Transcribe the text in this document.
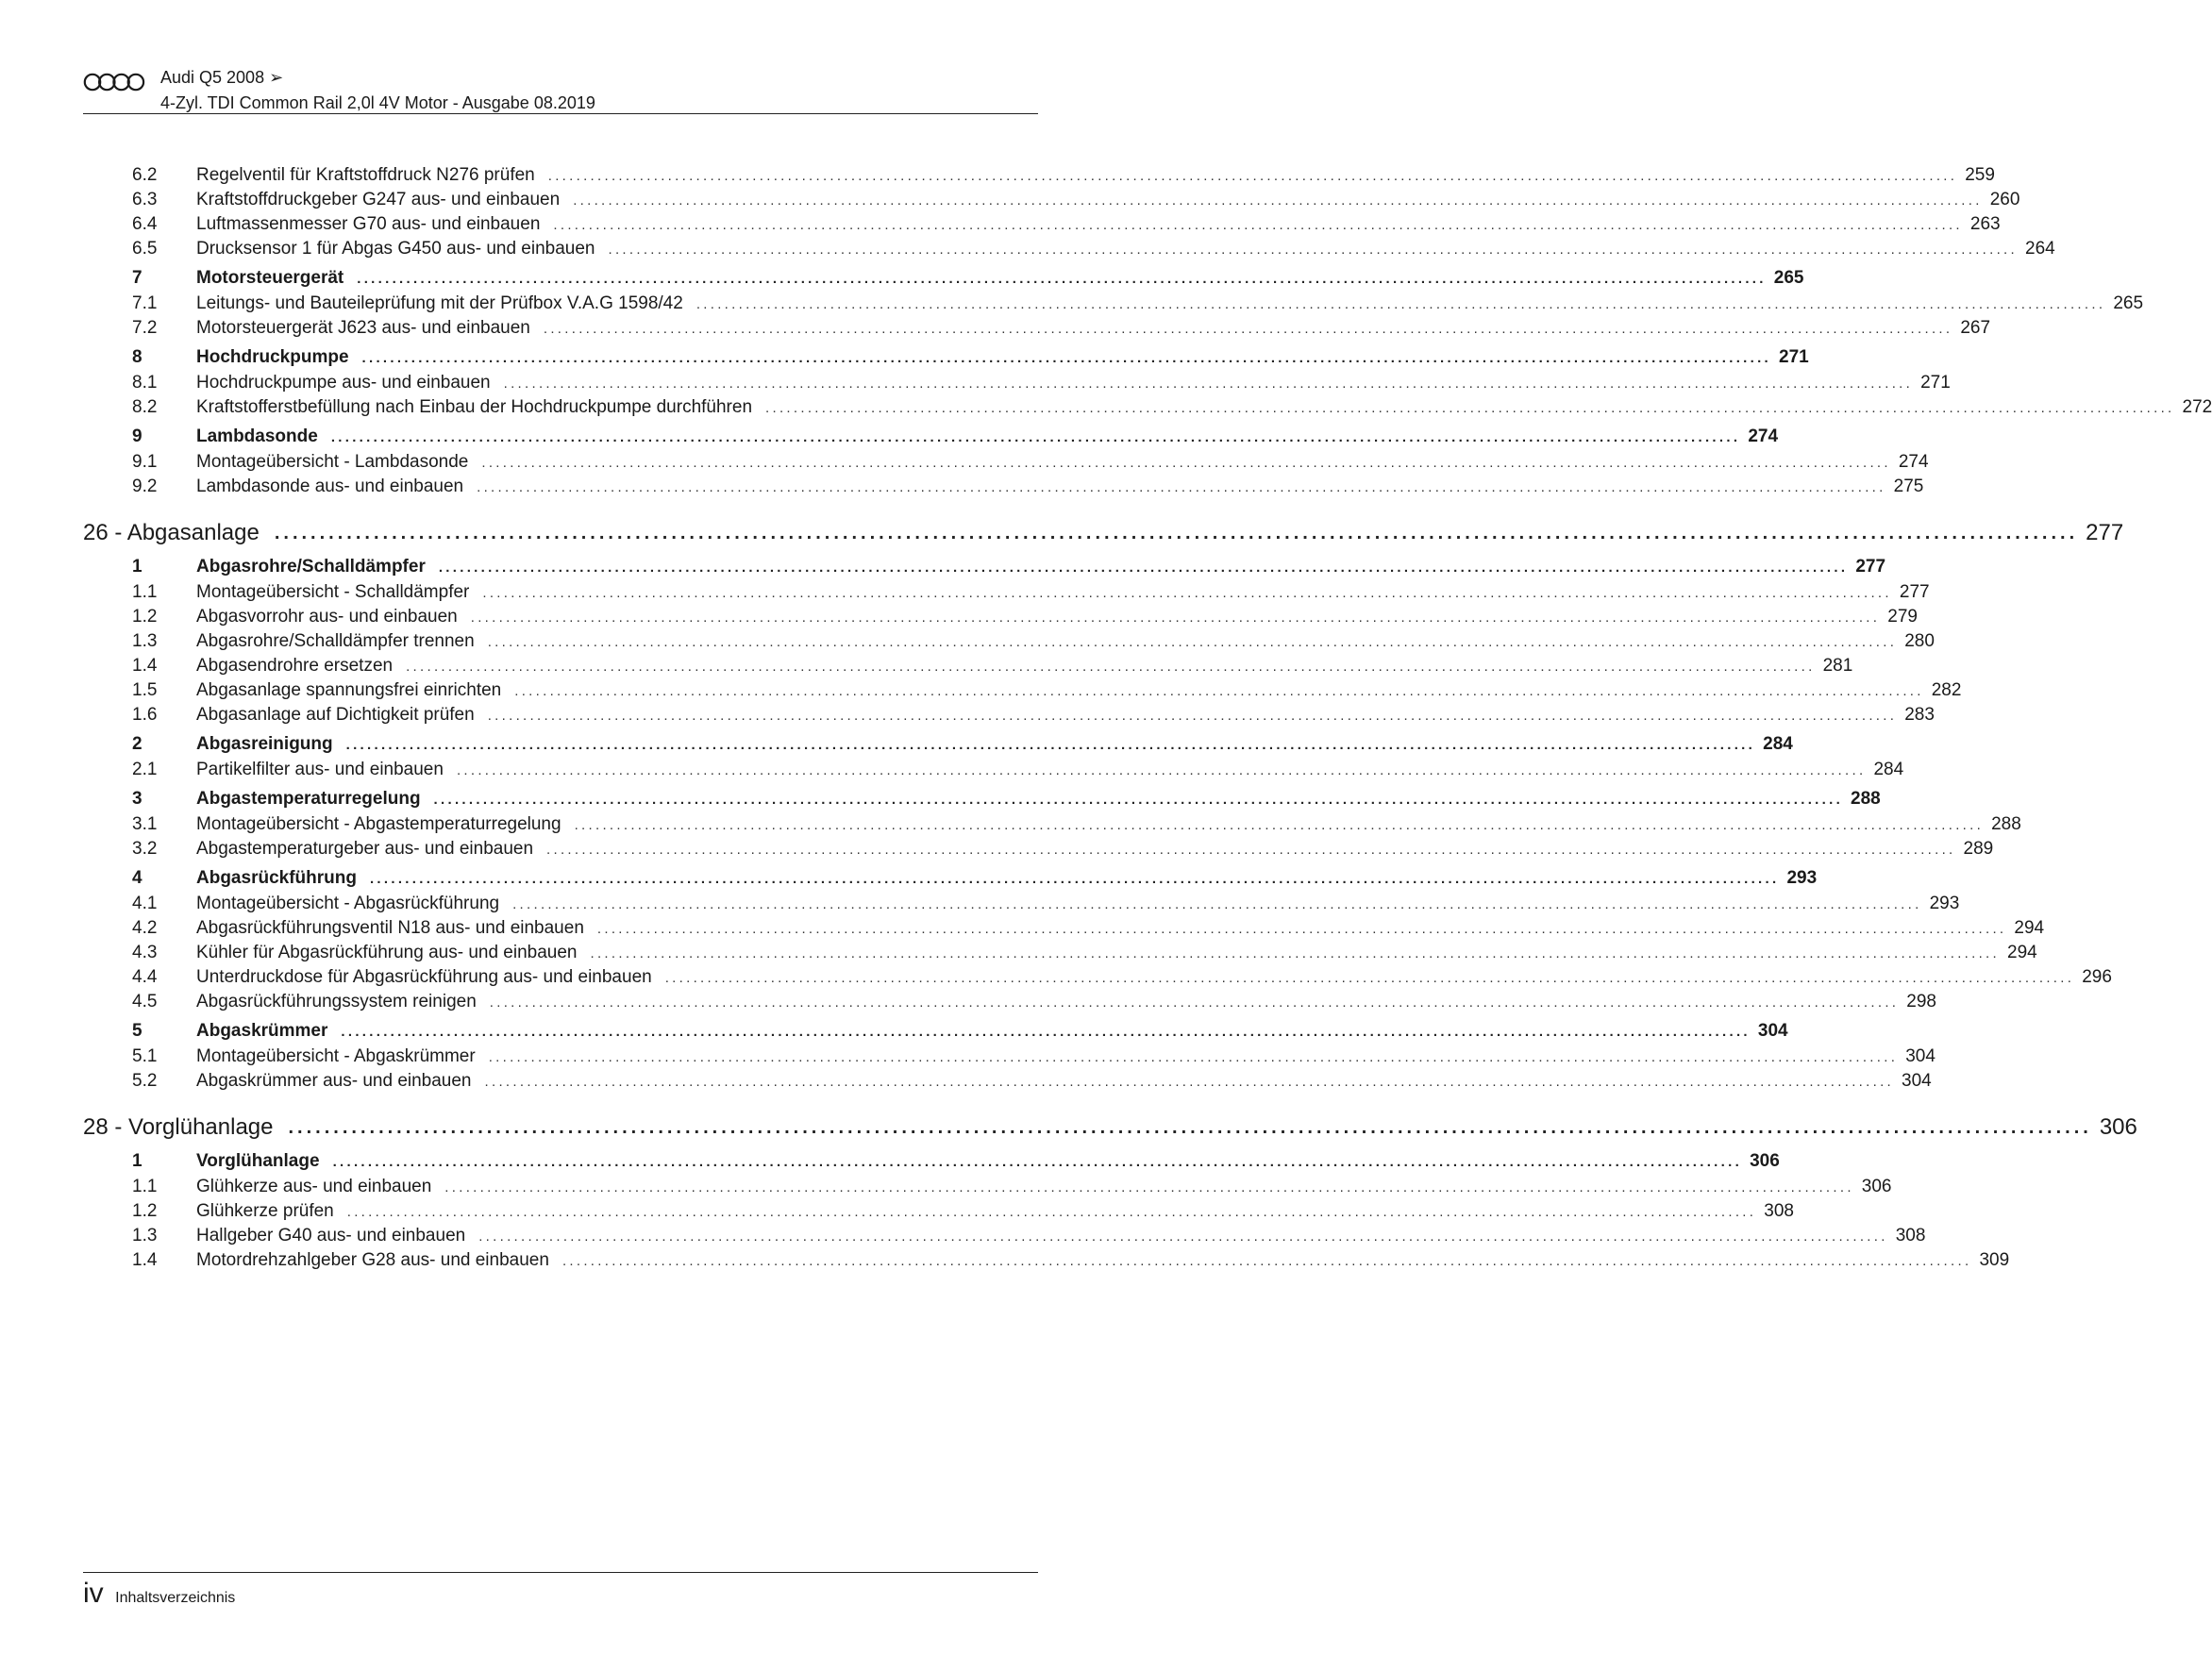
Audi Q5 2008 ➢
4-Zyl. TDI Common Rail 2,0l 4V Motor - Ausgabe 08.2019
6.2	Regelventil für Kraftstoffdruck N276 prüfen ........................................................................................................................................................................................................ 259
6.3	Kraftstoffdruckgeber G247 aus- und einbauen ........................................................................................................................................................................................................ 260
6.4	Luftmassenmesser G70 aus- und einbauen ........................................................................................................................................................................................................ 263
6.5	Drucksensor 1 für Abgas G450 aus- und einbauen ........................................................................................................................................................................................................ 264
7	Motorsteuergerät ........................................................................................................................................................................................................ 265
7.1	Leitungs- und Bauteileprüfung mit der Prüfbox V.A.G 1598/42 ........................................................................................................................................................................................................ 265
7.2	Motorsteuergerät J623 aus- und einbauen ........................................................................................................................................................................................................ 267
8	Hochdruckpumpe ........................................................................................................................................................................................................ 271
8.1	Hochdruckpumpe aus- und einbauen ........................................................................................................................................................................................................ 271
8.2	Kraftstofferstbefüllung nach Einbau der Hochdruckpumpe durchführen ........................................................................................................................................................................................................ 272
9	Lambdasonde ........................................................................................................................................................................................................ 274
9.1	Montageübersicht - Lambdasonde ........................................................................................................................................................................................................ 274
9.2	Lambdasonde aus- und einbauen ........................................................................................................................................................................................................ 275
26 - Abgasanlage ........................................................................................................................................................................................................ 277
1	Abgasrohre/Schalldämpfer ........................................................................................................................................................................................................ 277
1.1	Montageübersicht - Schalldämpfer ........................................................................................................................................................................................................ 277
1.2	Abgasvorrohr aus- und einbauen ........................................................................................................................................................................................................ 279
1.3	Abgasrohre/Schalldämpfer trennen ........................................................................................................................................................................................................ 280
1.4	Abgasendrohre ersetzen ........................................................................................................................................................................................................ 281
1.5	Abgasanlage spannungsfrei einrichten ........................................................................................................................................................................................................ 282
1.6	Abgasanlage auf Dichtigkeit prüfen ........................................................................................................................................................................................................ 283
2	Abgasreinigung ........................................................................................................................................................................................................ 284
2.1	Partikelfilter aus- und einbauen ........................................................................................................................................................................................................ 284
3	Abgastemperaturregelung ........................................................................................................................................................................................................ 288
3.1	Montageübersicht - Abgastemperaturregelung ........................................................................................................................................................................................................ 288
3.2	Abgastemperaturgeber aus- und einbauen ........................................................................................................................................................................................................ 289
4	Abgasrückführung ........................................................................................................................................................................................................ 293
4.1	Montageübersicht - Abgasrückführung ........................................................................................................................................................................................................ 293
4.2	Abgasrückführungsventil N18 aus- und einbauen ........................................................................................................................................................................................................ 294
4.3	Kühler für Abgasrückführung aus- und einbauen ........................................................................................................................................................................................................ 294
4.4	Unterdruckdose für Abgasrückführung aus- und einbauen ........................................................................................................................................................................................................ 296
4.5	Abgasrückführungssystem reinigen ........................................................................................................................................................................................................ 298
5	Abgaskrümmer ........................................................................................................................................................................................................ 304
5.1	Montageübersicht - Abgaskrümmer ........................................................................................................................................................................................................ 304
5.2	Abgaskrümmer aus- und einbauen ........................................................................................................................................................................................................ 304
28 - Vorglühanlage ........................................................................................................................................................................................................ 306
1	Vorglühanlage ........................................................................................................................................................................................................ 306
1.1	Glühkerze aus- und einbauen ........................................................................................................................................................................................................ 306
1.2	Glühkerze prüfen ........................................................................................................................................................................................................ 308
1.3	Hallgeber G40 aus- und einbauen ........................................................................................................................................................................................................ 308
1.4	Motordrehzahlgeber G28 aus- und einbauen ........................................................................................................................................................................................................ 309
iv Inhaltsverzeichnis
